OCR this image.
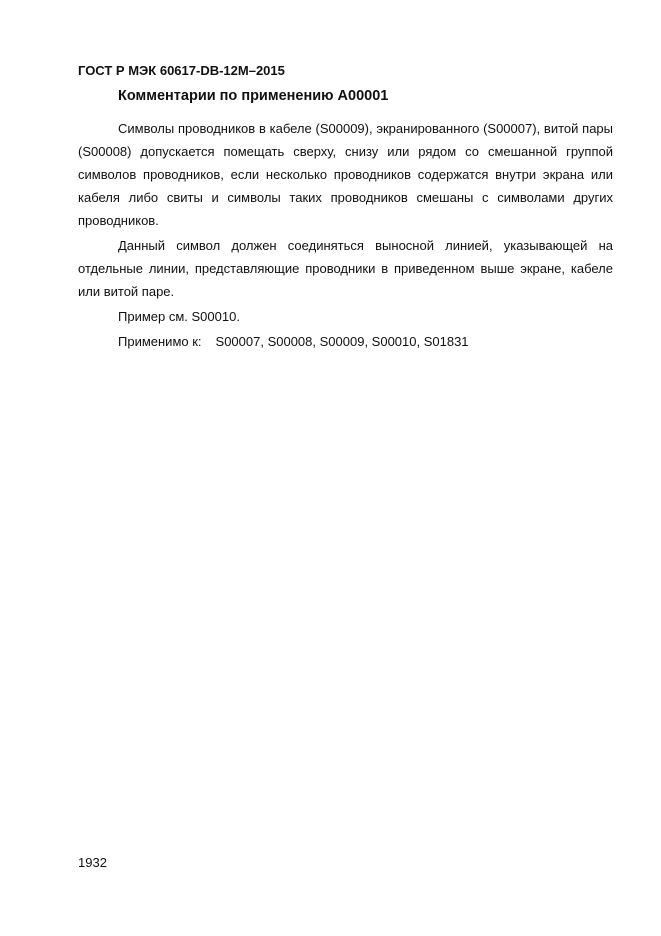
ГОСТ Р МЭК 60617-DB-12M–2015
Комментарии по применению А00001

Символы проводников в кабеле (S00009), экранированного (S00007), витой пары (S00008) допускается помещать сверху, снизу или рядом со смешанной группой символов проводников, если несколько проводников содержатся внутри экрана или кабеля либо свиты и символы таких проводников смешаны с символами других проводников.

Данный символ должен соединяться выносной линией, указывающей на отдельные линии, представляющие проводники в приведенном выше экране, кабеле или витой паре.

Пример см. S00010.

Применимо к: S00007, S00008, S00009, S00010, S01831

1932
